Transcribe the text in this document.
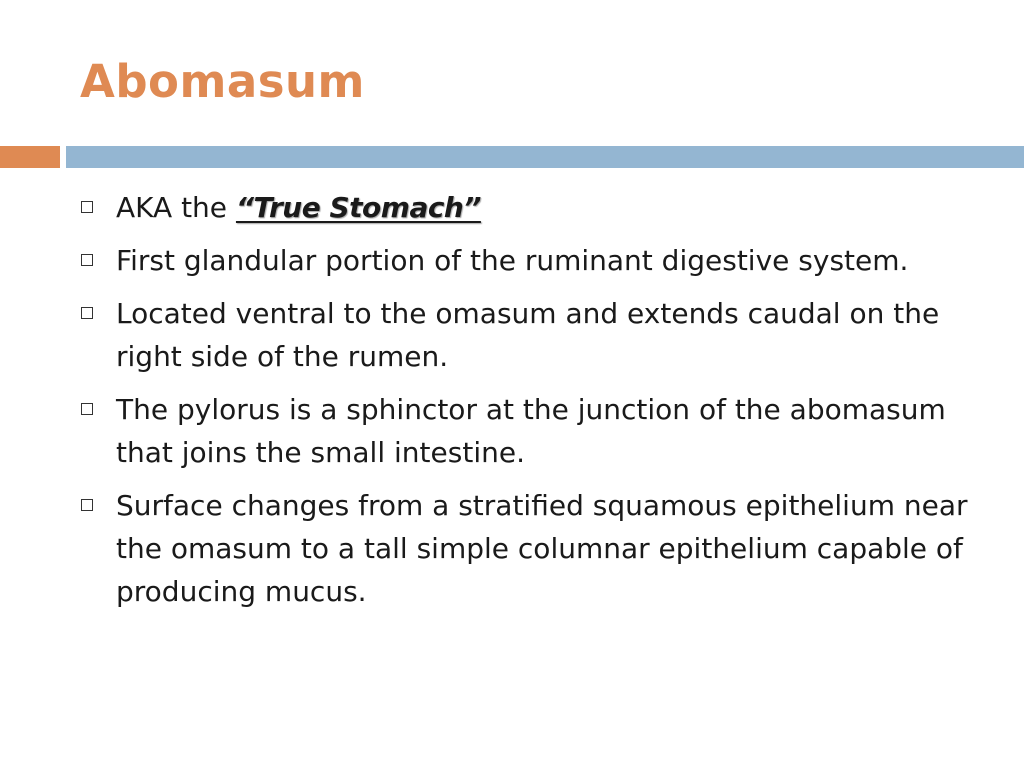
Abomasum
AKA the “True Stomach”
First glandular portion of the ruminant digestive system.
Located ventral to the omasum and extends caudal on the right side of the rumen.
The pylorus is a sphinctor at the junction of the abomasum that joins the small intestine.
Surface changes from a stratified squamous epithelium near the omasum to a tall simple columnar epithelium capable of producing mucus.
